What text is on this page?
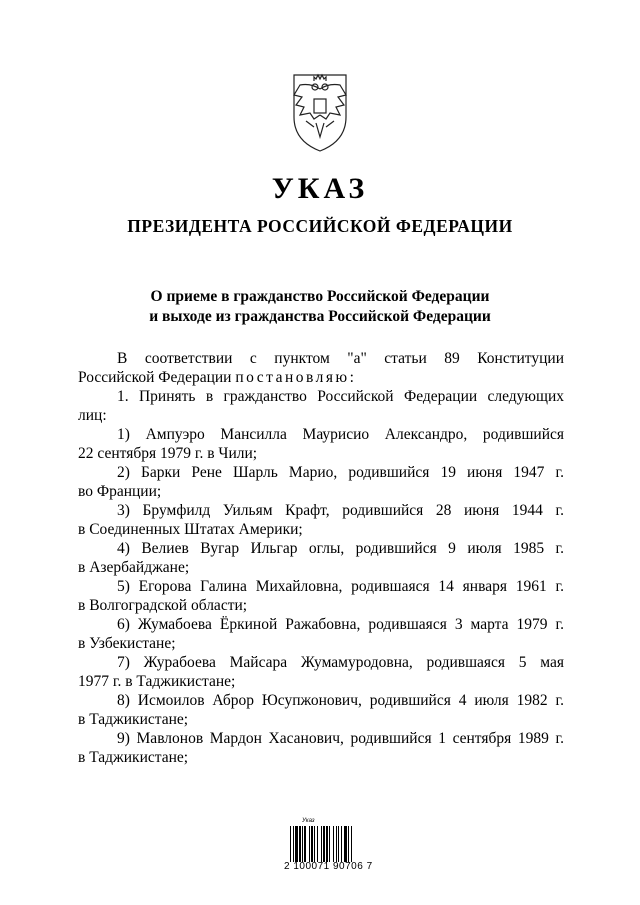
УКАЗ
ПРЕЗИДЕНТА РОССИЙСКОЙ ФЕДЕРАЦИИ
О приеме в гражданство Российской Федерации
и выходе из гражданства Российской Федерации
В соответствии с пунктом "а" статьи 89 Конституции
Российской Федерации постановляю:
1. Принять в гражданство Российской Федерации следующих
лиц:
1) Ампуэро Мансилла Маурисио Александро, родившийся
22 сентября 1979 г. в Чили;
2) Барки Рене Шарль Марио, родившийся 19 июня 1947 г.
во Франции;
3) Брумфилд Уильям Крафт, родившийся 28 июня 1944 г.
в Соединенных Штатах Америки;
4) Велиев Вугар Ильгар оглы, родившийся 9 июля 1985 г.
в Азербайджане;
5) Егорова Галина Михайловна, родившаяся 14 января 1961 г.
в Волгоградской области;
6) Жумабоева Ёркиной Ражабовна, родившаяся 3 марта 1979 г.
в Узбекистане;
7) Журабоева Майсара Жумамуродовна, родившаяся 5 мая
1977 г. в Таджикистане;
8) Исмоилов Аброр Юсупжонович, родившийся 4 июля 1982 г.
в Таджикистане;
9) Мавлонов Мардон Хасанович, родившийся 1 сентября 1989 г.
в Таджикистане;
Указ
2 100071 90706 7
